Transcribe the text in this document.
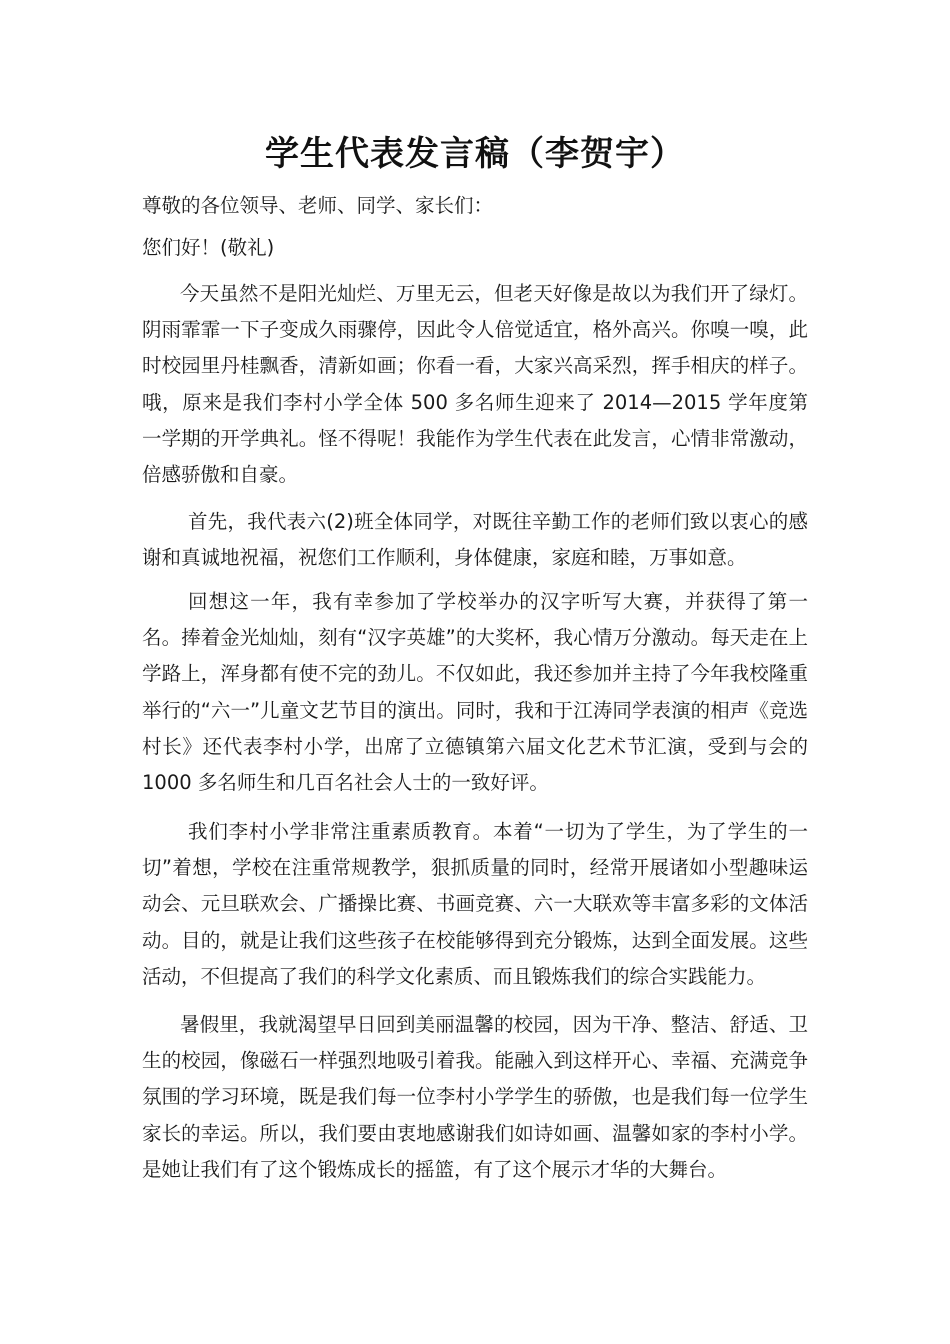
学生代表发言稿（李贺宇）
尊敬的各位领导、老师、同学、家长们：
您们好！(敬礼)

今天虽然不是阳光灿烂、万里无云，但老天好像是故以为我们开了绿灯。阴雨霏霏一下子变成久雨骤停，因此令人倍觉适宜，格外高兴。你嗅一嗅，此时校园里丹桂飘香，清新如画；你看一看，大家兴高采烈，挥手相庆的样子。哦，原来是我们李村小学全体 500 多名师生迎来了 2014—2015 学年度第一学期的开学典礼。怪不得呢！我能作为学生代表在此发言，心情非常激动，倍感骄傲和自豪。

首先，我代表六(2)班全体同学，对既往辛勤工作的老师们致以衷心的感谢和真诚地祝福，祝您们工作顺利，身体健康，家庭和睦，万事如意。

回想这一年，我有幸参加了学校举办的汉字听写大赛，并获得了第一名。捧着金光灿灿，刻有“汉字英雄”的大奖杯，我心情万分激动。每天走在上学路上，浑身都有使不完的劲儿。不仅如此，我还参加并主持了今年我校隆重举行的“六一”儿童文艺节目的演出。同时，我和于江涛同学表演的相声《竞选村长》还代表李村小学，出席了立德镇第六届文化艺术节汇演，受到与会的 1000 多名师生和几百名社会人士的一致好评。

我们李村小学非常注重素质教育。本着“一切为了学生，为了学生的一切”着想，学校在注重常规教学，狠抓质量的同时，经常开展诸如小型趣味运动会、元旦联欢会、广播操比赛、书画竞赛、六一大联欢等丰富多彩的文体活动。目的，就是让我们这些孩子在校能够得到充分锻炼，达到全面发展。这些活动，不但提高了我们的科学文化素质、而且锻炼我们的综合实践能力。

暑假里，我就渴望早日回到美丽温馨的校园，因为干净、整洁、舒适、卫生的校园，像磁石一样强烈地吸引着我。能融入到这样开心、幸福、充满竞争氛围的学习环境，既是我们每一位李村小学学生的骄傲，也是我们每一位学生家长的幸运。所以，我们要由衷地感谢我们如诗如画、温馨如家的李村小学。是她让我们有了这个锻炼成长的摇篮，有了这个展示才华的大舞台。
